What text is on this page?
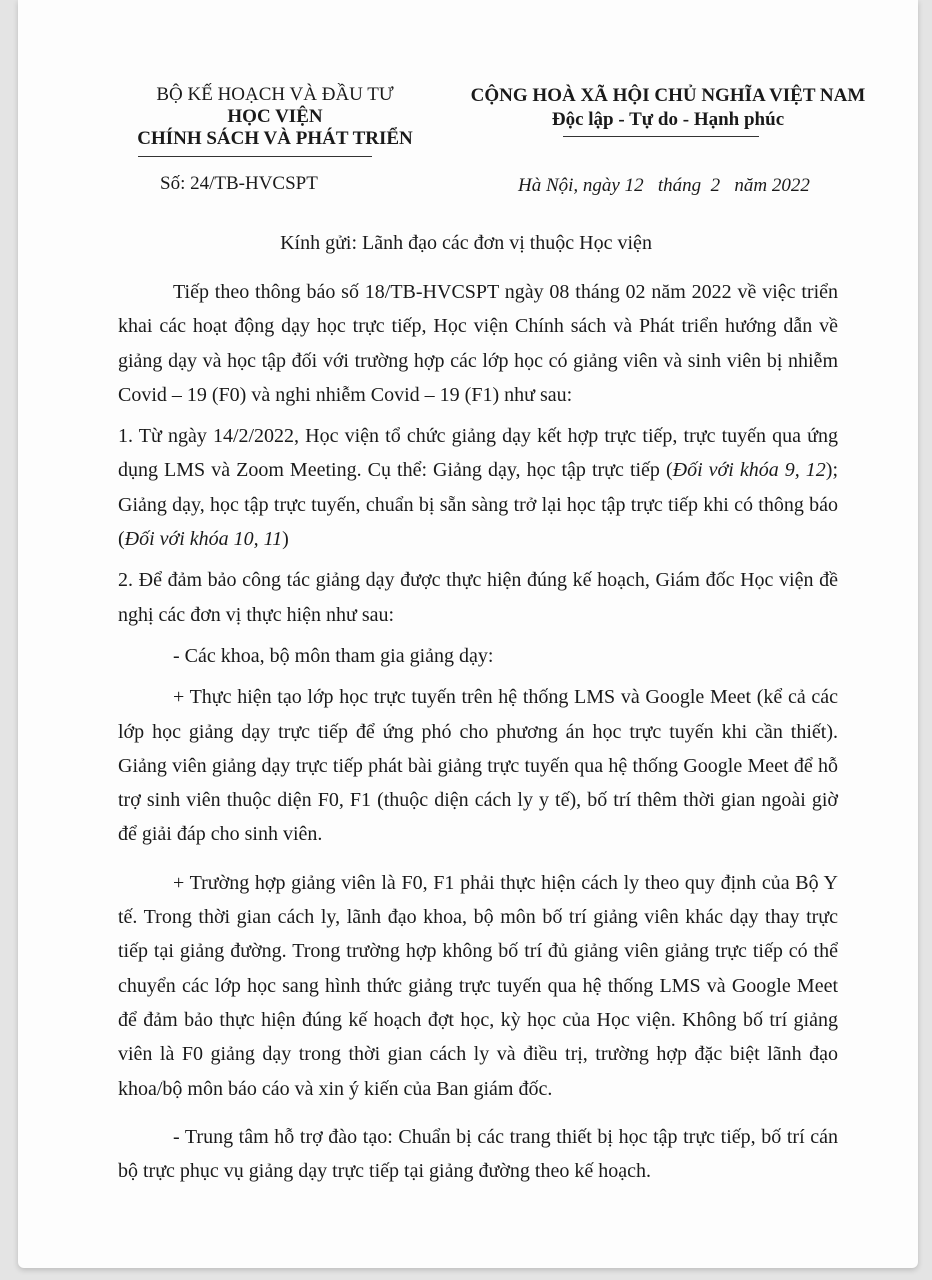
BỘ KẾ HOẠCH VÀ ĐẦU TƯ
HỌC VIỆN
CHÍNH SÁCH VÀ PHÁT TRIỂN
CỘNG HOÀ XÃ HỘI CHỦ NGHĨA VIỆT NAM
Độc lập - Tự do - Hạnh phúc
Số: 24/TB-HVCSPT	Hà Nội, ngày 12   tháng  2   năm 2022
Kính gửi: Lãnh đạo các đơn vị thuộc Học viện

Tiếp theo thông báo số 18/TB-HVCSPT ngày 08 tháng 02 năm 2022 về việc triển khai các hoạt động dạy học trực tiếp, Học viện Chính sách và Phát triển hướng dẫn về giảng dạy và học tập đối với trường hợp các lớp học có giảng viên và sinh viên bị nhiễm Covid – 19 (F0) và nghi nhiễm Covid – 19 (F1) như sau:

1. Từ ngày 14/2/2022, Học viện tổ chức giảng dạy kết hợp trực tiếp, trực tuyến qua ứng dụng LMS và Zoom Meeting. Cụ thể: Giảng dạy, học tập trực tiếp (Đối với khóa 9, 12); Giảng dạy, học tập trực tuyến, chuẩn bị sẵn sàng trở lại học tập trực tiếp khi có thông báo (Đối với khóa 10, 11)

2. Để đảm bảo công tác giảng dạy được thực hiện đúng kế hoạch, Giám đốc Học viện đề nghị các đơn vị thực hiện như sau:

- Các khoa, bộ môn tham gia giảng dạy:

+ Thực hiện tạo lớp học trực tuyến trên hệ thống LMS và Google Meet (kể cả các lớp học giảng dạy trực tiếp để ứng phó cho phương án học trực tuyến khi cần thiết). Giảng viên giảng dạy trực tiếp phát bài giảng trực tuyến qua hệ thống Google Meet để hỗ trợ sinh viên thuộc diện F0, F1 (thuộc diện cách ly y tế), bố trí thêm thời gian ngoài giờ để giải đáp cho sinh viên.

+ Trường hợp giảng viên là F0, F1 phải thực hiện cách ly theo quy định của Bộ Y tế. Trong thời gian cách ly, lãnh đạo khoa, bộ môn bố trí giảng viên khác dạy thay trực tiếp tại giảng đường. Trong trường hợp không bố trí đủ giảng viên giảng trực tiếp có thể chuyển các lớp học sang hình thức giảng trực tuyến qua hệ thống LMS và Google Meet để đảm bảo thực hiện đúng kế hoạch đợt học, kỳ học của Học viện. Không bố trí giảng viên là F0 giảng dạy trong thời gian cách ly và điều trị, trường hợp đặc biệt lãnh đạo khoa/bộ môn báo cáo và xin ý kiến của Ban giám đốc.

- Trung tâm hỗ trợ đào tạo: Chuẩn bị các trang thiết bị học tập trực tiếp, bố trí cán bộ trực phục vụ giảng dạy trực tiếp tại giảng đường theo kế hoạch.
